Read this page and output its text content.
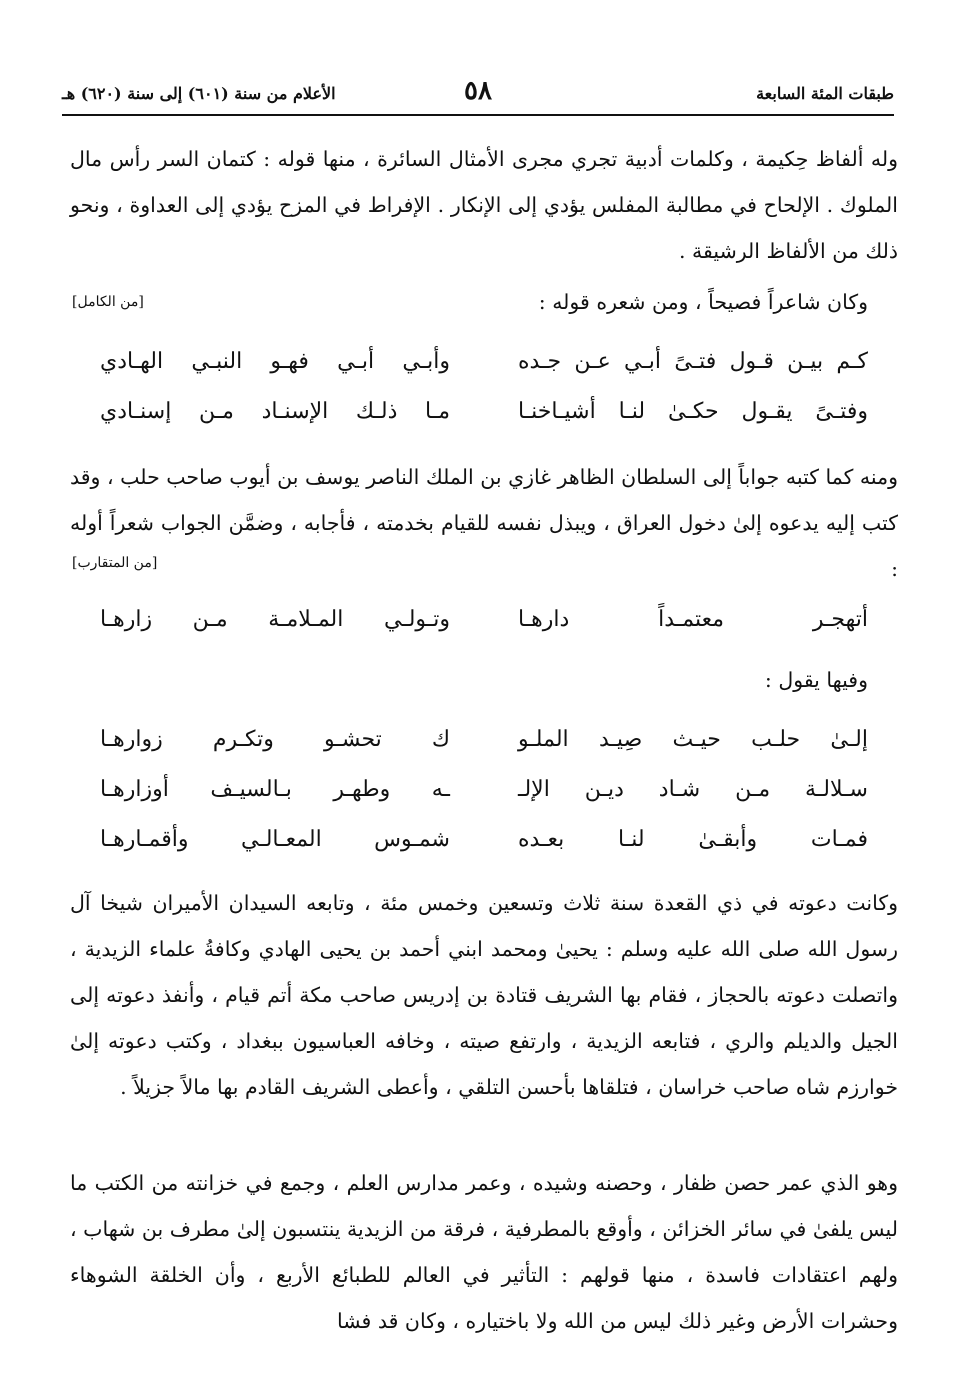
طبقات المئة السابعة
٥٨
الأعلام من سنة (٦٠١) إلى سنة (٦٢٠) هـ

وله ألفاظ حِكيمة ، وكلمات أدبية تجري مجرى الأمثال السائرة ، منها قوله : كتمان السر رأس مال الملوك . الإلحاح في مطالبة المفلس يؤدي إلى الإنكار . الإفراط في المزح يؤدي إلى العداوة ، ونحو ذلك من الألفاظ الرشيقة .

وكان شاعراً فصيحاً ، ومن شعره قوله :
[من الكامل]
كـم بيـن قـول فتـىً أبـي عـن جـده
وأبـي أبـي فهـو النبـي الهـادي
وفتـىً يقـول حكـىٰ لنـا أشيـاخنـا
مـا ذلـك الإسنـاد مـن إسنـادي

ومنه كما كتبه جواباً إلى السلطان الظاهر غازي بن الملك الناصر يوسف بن أيوب صاحب حلب ، وقد كتب إليه يدعوه إلىٰ دخول العراق ، ويبذل نفسه للقيام بخدمته ، فأجابه ، وضمَّن الجواب شعراً أوله :

[من المتقارب]
أتهجـر معتمـداً دارهـا
وتـولـي المـلامـة مـن زارهـا
وفيها يقول :
إلـىٰ حلـب حيـث صِيـد الملـو
ك تحشـو وتكـرم زوارهـا
سـلالـة مـن شـاد ديـن الإلـ
ـه وطهـر بـالسيـف أوزارهـا
فمـات وأبقـىٰ لنـا بعـده
شمـوس المعـالـي وأقمـارهـا

وكانت دعوته في ذي القعدة سنة ثلاث وتسعين وخمس مئة ، وتابعه السيدان الأميران شيخا آل رسول الله صلى الله عليه وسلم : يحيىٰ ومحمد ابني أحمد بن يحيى الهادي وكافةُ علماء الزيدية ، واتصلت دعوته بالحجاز ، فقام بها الشريف قتادة بن إدريس صاحب مكة أتم قيام ، وأنفذ دعوته إلى الجيل والديلم والري ، فتابعه الزيدية ، وارتفع صيته ، وخافه العباسيون ببغداد ، وكتب دعوته إلىٰ خوارزم شاه صاحب خراسان ، فتلقاها بأحسن التلقي ، وأعطى الشريف القادم بها مالاً جزيلاً .

وهو الذي عمر حصن ظفار ، وحصنه وشيده ، وعمر مدارس العلم ، وجمع في خزانته من الكتب ما ليس يلفىٰ في سائر الخزائن ، وأوقع بالمطرفية ، فرقة من الزيدية ينتسبون إلىٰ مطرف بن شهاب ، ولهم اعتقادات فاسدة ، منها قولهم : التأثير في العالم للطبائع الأربع ، وأن الخلقة الشوهاء وحشرات الأرض وغير ذلك ليس من الله ولا باختياره ، وكان قد فشا
